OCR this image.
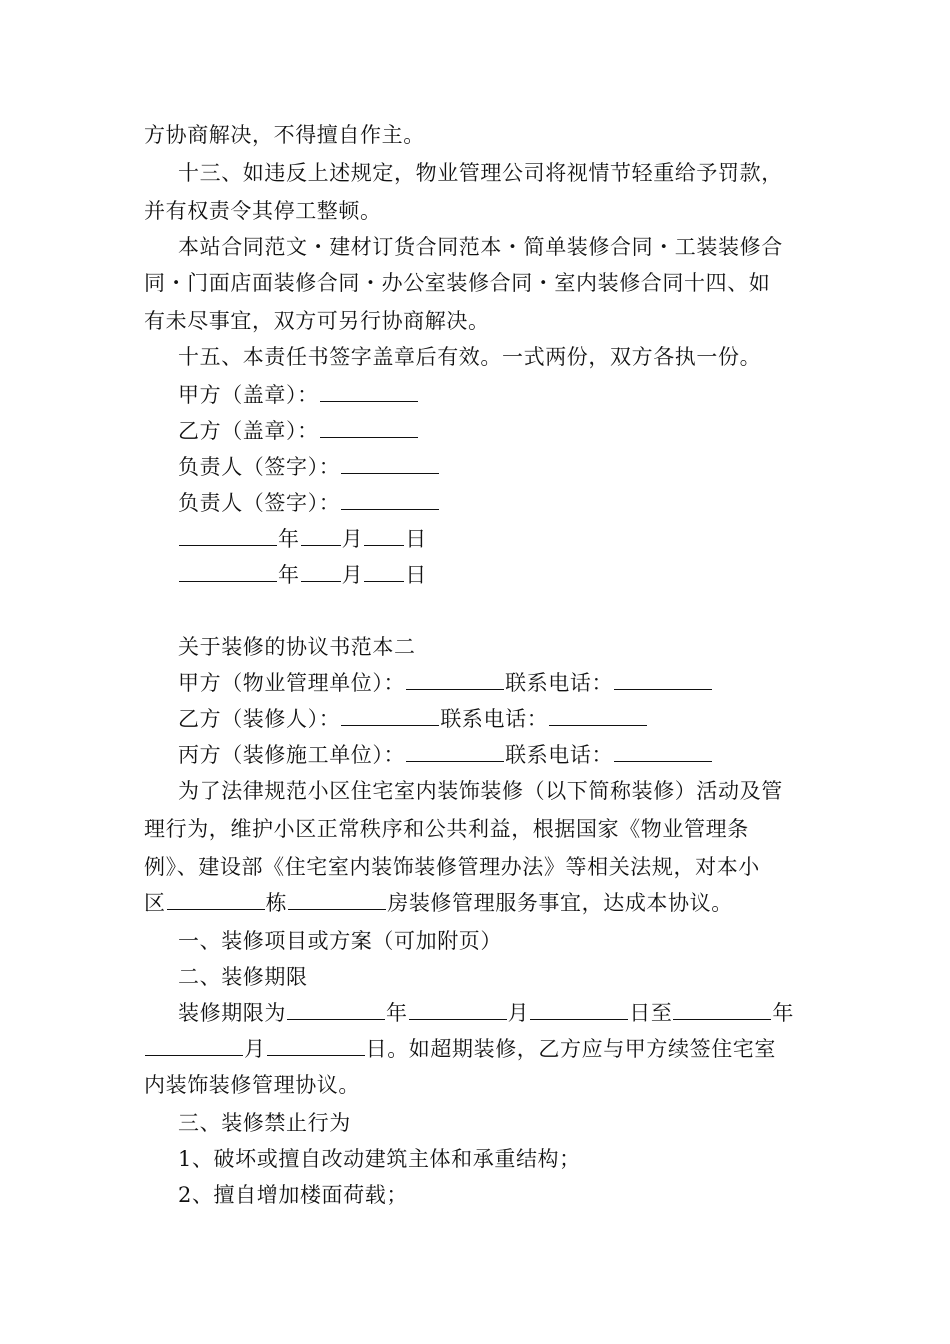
方协商解决，不得擅自作主。
十三、如违反上述规定，物业管理公司将视情节轻重给予罚款，
并有权责令其停工整顿。
本站合同范文・建材订货合同范本・简单装修合同・工装装修合
同・门面店面装修合同・办公室装修合同・室内装修合同十四、如
有未尽事宜，双方可另行协商解决。
十五、本责任书签字盖章后有效。一式两份，双方各执一份。
甲方（盖章）：
乙方（盖章）：
负责人（签字）：
负责人（签字）：
年 月 日
年 月 日
关于装修的协议书范本二
甲方（物业管理单位）：	联系电话：
乙方（装修人）：	联系电话：
丙方（装修施工单位）：	联系电话：
为了法律规范小区住宅室内装饰装修（以下简称装修）活动及管
理行为，维护小区正常秩序和公共利益，根据国家《物业管理条
例》、建设部《住宅室内装饰装修管理办法》等相关法规，对本小
区	栋	房装修管理服务事宜，达成本协议。
一、装修项目或方案（可加附页）
二、装修期限
装修期限为	年	月	日至	年
月	日。如超期装修，乙方应与甲方续签住宅室
内装饰装修管理协议。
三、装修禁止行为
1、破坏或擅自改动建筑主体和承重结构；
2、擅自增加楼面荷载；
